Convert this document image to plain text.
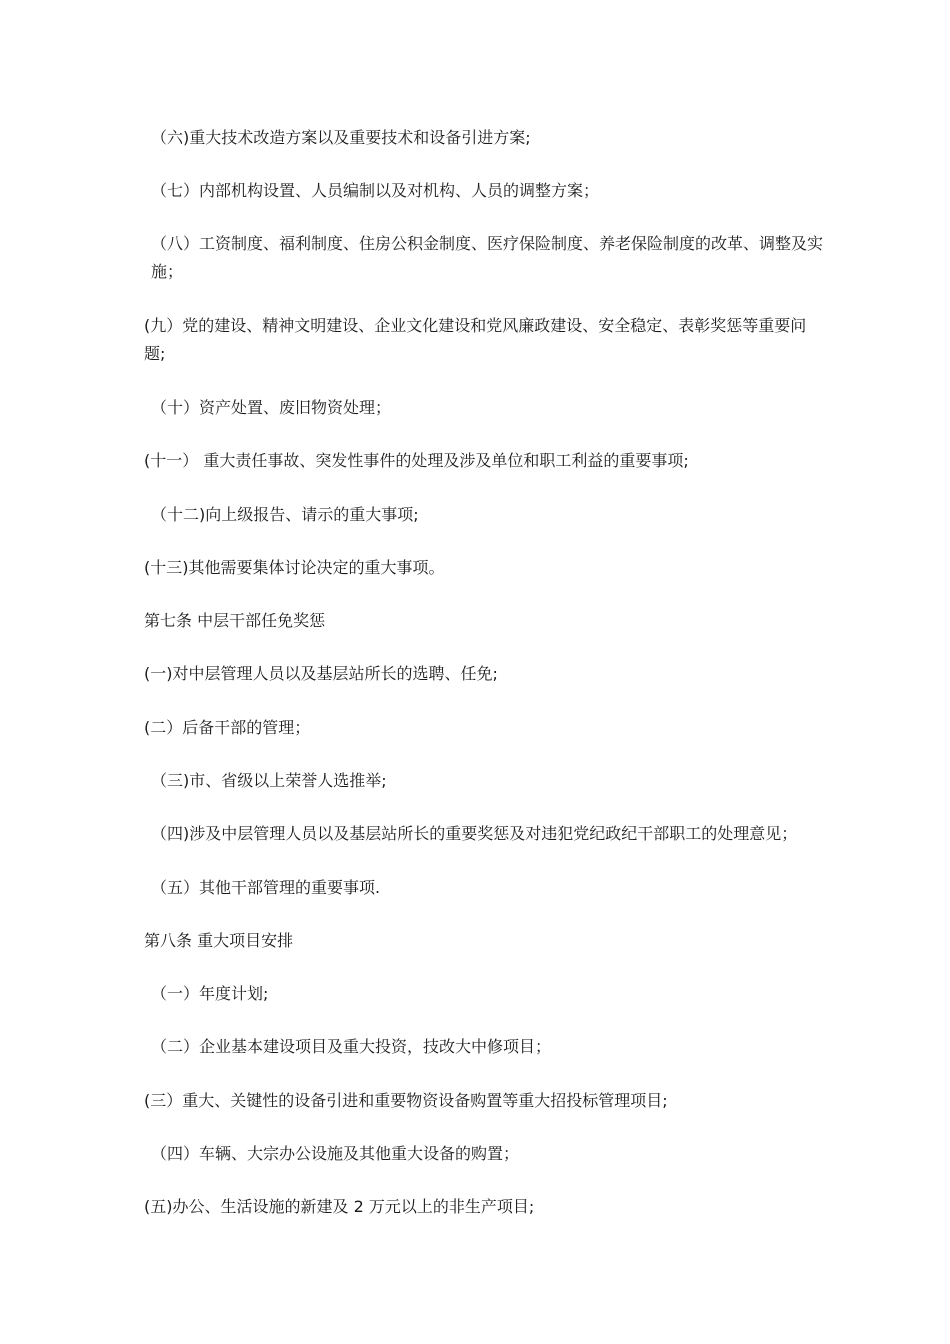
（六)重大技术改造方案以及重要技术和设备引进方案;
（七）内部机构设置、人员编制以及对机构、人员的调整方案；
（八）工资制度、福利制度、住房公积金制度、医疗保险制度、养老保险制度的改革、调整及实施；
(九）党的建设、精神文明建设、企业文化建设和党风廉政建设、安全稳定、表彰奖惩等重要问题;
（十）资产处置、废旧物资处理；
(十一） 重大责任事故、突发性事件的处理及涉及单位和职工利益的重要事项;
（十二)向上级报告、请示的重大事项;
(十三)其他需要集体讨论决定的重大事项。
第七条 中层干部任免奖惩
(一)对中层管理人员以及基层站所长的选聘、任免;
(二）后备干部的管理；
（三)市、省级以上荣誉人选推举;
（四)涉及中层管理人员以及基层站所长的重要奖惩及对违犯党纪政纪干部职工的处理意见；
（五）其他干部管理的重要事项.
第八条 重大项目安排
（一）年度计划;
（二）企业基本建设项目及重大投资，技改大中修项目；
(三）重大、关键性的设备引进和重要物资设备购置等重大招投标管理项目;
（四）车辆、大宗办公设施及其他重大设备的购置；
(五)办公、生活设施的新建及 2 万元以上的非生产项目;
